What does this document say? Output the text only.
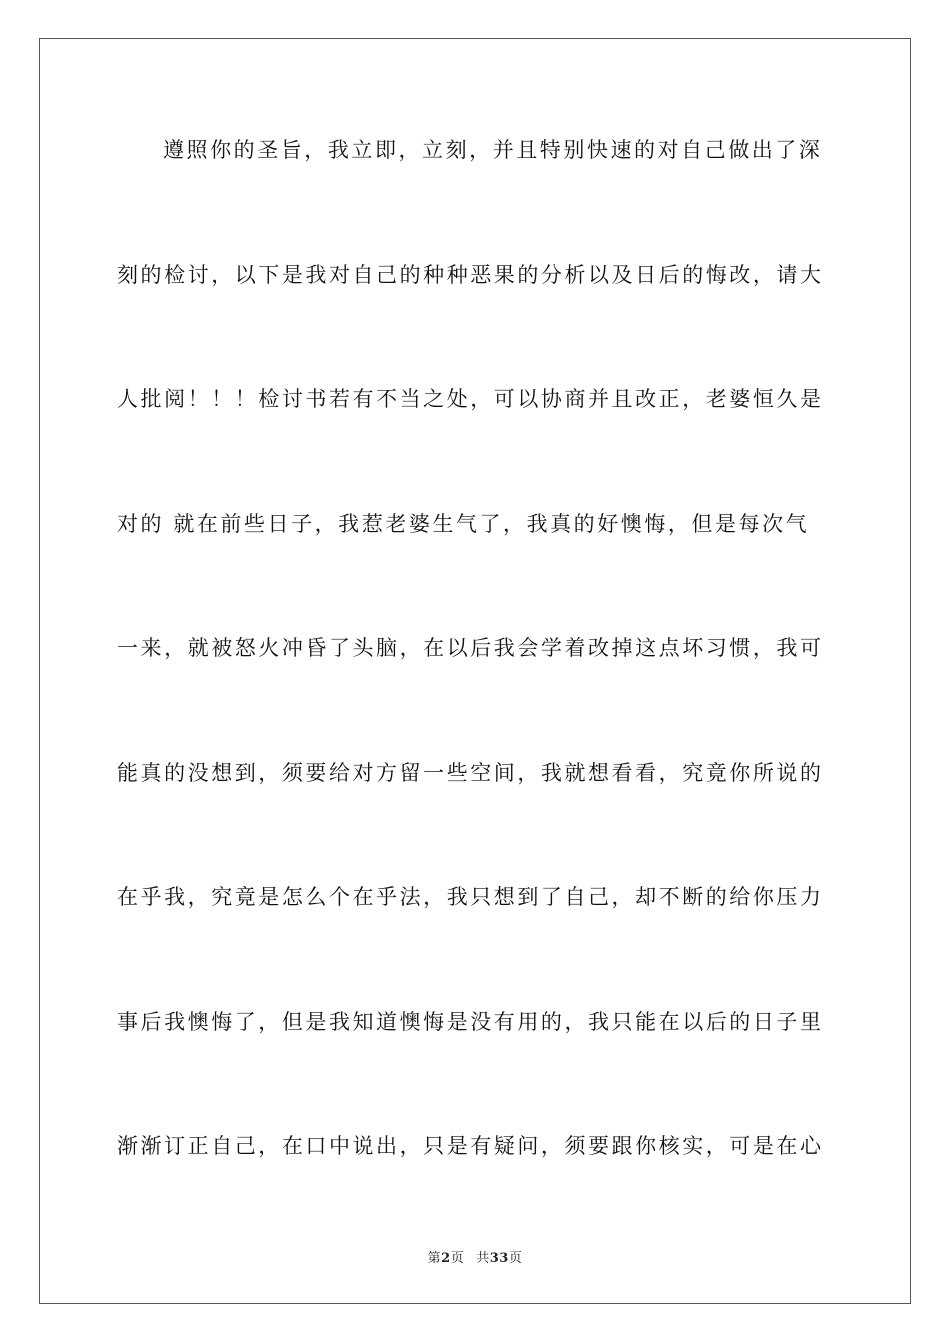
遵照你的圣旨，我立即，立刻，并且特别快速的对自己做出了深
刻的检讨，以下是我对自己的种种恶果的分析以及日后的悔改，请大
人批阅！！！检讨书若有不当之处，可以协商并且改正，老婆恒久是
对的 就在前些日子，我惹老婆生气了，我真的好懊悔，但是每次气
一来，就被怒火冲昏了头脑，在以后我会学着改掉这点坏习惯，我可
能真的没想到，须要给对方留一些空间，我就想看看，究竟你所说的
在乎我，究竟是怎么个在乎法，我只想到了自己，却不断的给你压力
事后我懊悔了，但是我知道懊悔是没有用的，我只能在以后的日子里
渐渐订正自己，在口中说出，只是有疑问，须要跟你核实，可是在心
第2页 共33页
